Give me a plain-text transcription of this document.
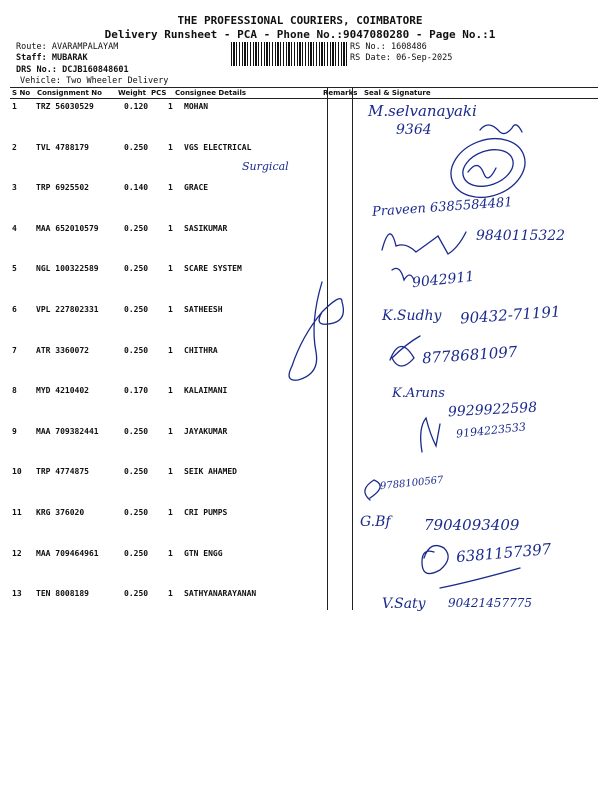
THE PROFESSIONAL COURIERS, COIMBATORE
Delivery Runsheet - PCA - Phone No.:9047080280 - Page No.:1
Route: AVARAMPALAYAM
Staff: MUBARAK
DRS No.: DCJB160848601
Vehicle: Two Wheeler Delivery
RS No.: 1608486
RS Date: 06-Sep-2025
S No Consignment No Weight PCS Consignee Details	Remarks Seal & Signature
1 TRZ 56030529	0.120 1 MOHAN
2 TVL 4788179	0.250 1 VGS ELECTRICAL
3 TRP 6925502	0.140 1 GRACE
4 MAA 652010579	0.250 1 SASIKUMAR
5 NGL 100322589	0.250 1 SCARE SYSTEM
6 VPL 227802331	0.250 1 SATHEESH
7 ATR 3360072	0.250 1 CHITHRA
8 MYD 4210402	0.170 1 KALAIMANI
9 MAA 709382441	0.250 1 JAYAKUMAR
10 TRP 4774875	0.250 1 SEIK AHAMED
11 KRG 376020	0.250 1 CRI PUMPS
12 MAA 709464961	0.250 1 GTN ENGG
13 TEN 8008189	0.250 1 SATHYANARAYANAN
M.selvanayaki
9364
Surgical
Praveen 6385584481
9840115322
9042911
K.Sudhy 90432-71191
8778681097
K.Aruns
9929922598
9194223533
9788100567
G.Bf 7904093409
6381157397
V.Saty 90421457775
